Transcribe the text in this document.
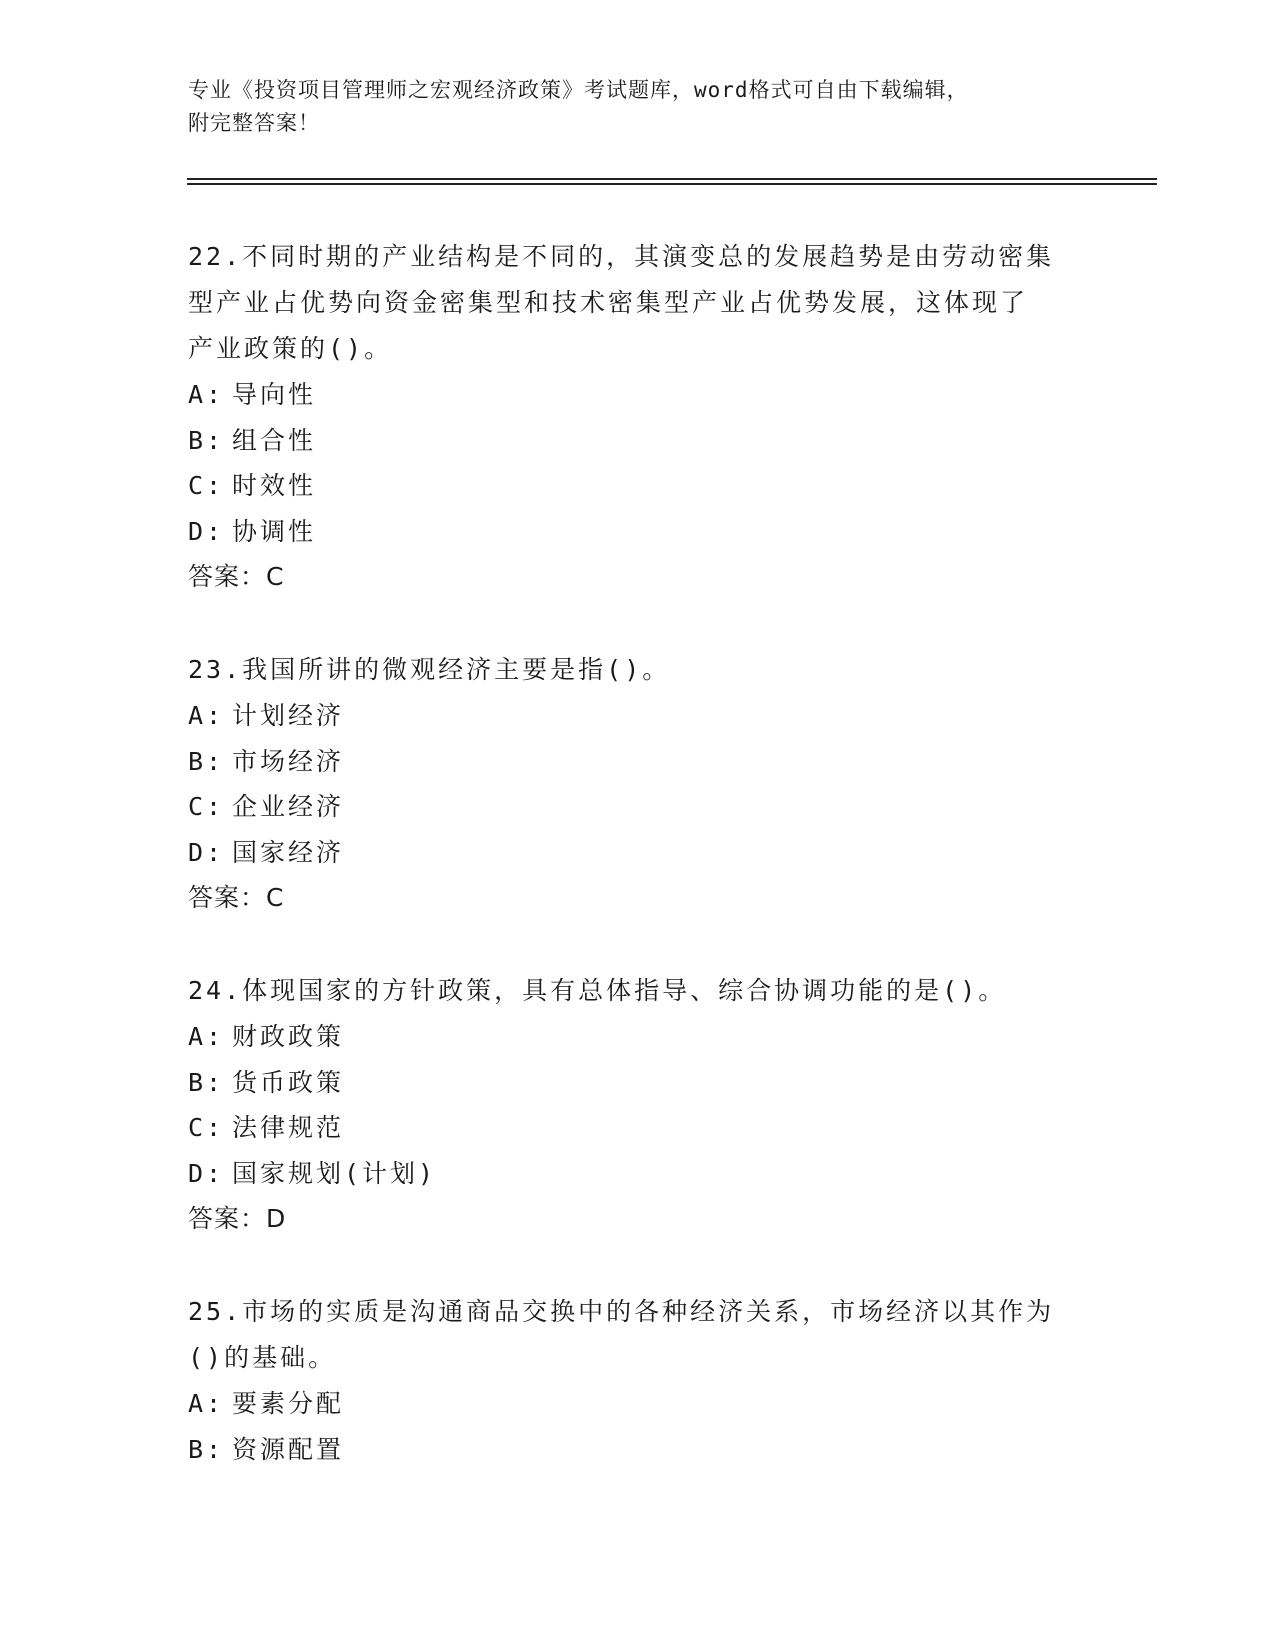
专业《投资项目管理师之宏观经济政策》考试题库，word格式可自由下载编辑，
附完整答案！
22.不同时期的产业结构是不同的，其演变总的发展趋势是由劳动密集
型产业占优势向资金密集型和技术密集型产业占优势发展，这体现了
产业政策的()。
A: 导向性
B: 组合性
C: 时效性
D: 协调性
答案：C
23.我国所讲的微观经济主要是指()。
A: 计划经济
B: 市场经济
C: 企业经济
D: 国家经济
答案：C
24.体现国家的方针政策，具有总体指导、综合协调功能的是()。
A: 财政政策
B: 货币政策
C: 法律规范
D: 国家规划(计划)
答案：D
25.市场的实质是沟通商品交换中的各种经济关系，市场经济以其作为
()的基础。
A: 要素分配
B: 资源配置
